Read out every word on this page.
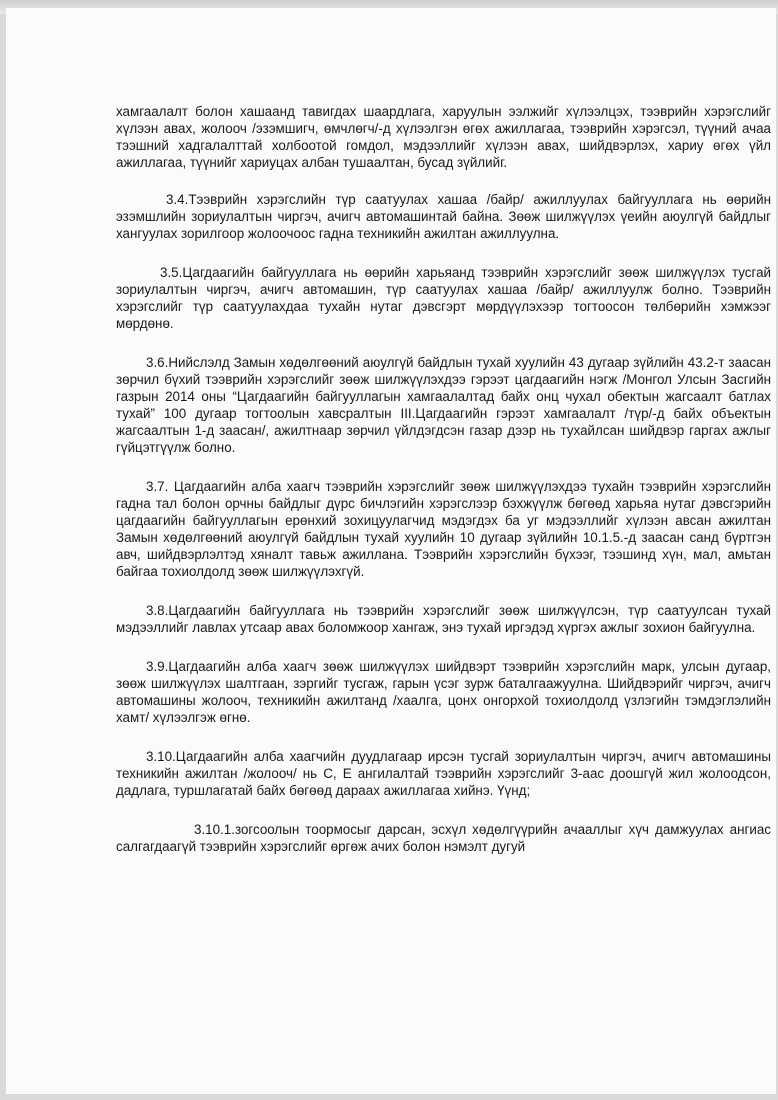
хамгаалалт болон хашаанд тавигдах шаардлага, харуулын ээлжийг хүлээлцэх, тээврийн хэрэгслийг хүлээн авах, жолооч /эзэмшигч, өмчлөгч/-д хүлээлгэн өгөх ажиллагаа, тээврийн хэрэгсэл, түүний ачаа тээшний хадгалалттай холбоотой гомдол, мэдээллийг хүлээн авах, шийдвэрлэх, хариу өгөх үйл ажиллагаа, түүнийг хариуцах албан тушаалтан, бусад зүйлийг.

3.4.Тээврийн хэрэгслийн түр саатуулах хашаа /байр/ ажиллуулах байгууллага нь өөрийн эзэмшлийн зориулалтын чиргэч, ачигч автомашинтай байна. Зөөж шилжүүлэх үеийн аюулгүй байдлыг хангуулах зорилгоор жолоочоос гадна техникийн ажилтан ажиллуулна.

3.5.Цагдаагийн байгууллага нь өөрийн харьяанд тээврийн хэрэгслийг зөөж шилжүүлэх тусгай зориулалтын чиргэч, ачигч автомашин, түр саатуулах хашаа /байр/ ажиллуулж болно. Тээврийн хэрэгслийг түр саатуулахдаа тухайн нутаг дэвсгэрт мөрдүүлэхээр тогтоосон төлбөрийн хэмжээг мөрдөнө.

3.6.Нийслэлд Замын хөдөлгөөний аюулгүй байдлын тухай хуулийн 43 дугаар зүйлийн 43.2-т заасан зөрчил бүхий тээврийн хэрэгслийг зөөж шилжүүлэхдээ гэрээт цагдаагийн нэгж /Монгол Улсын Засгийн газрын 2014 оны “Цагдаагийн байгууллагын хамгаалалтад байх онц чухал обектын жагсаалт батлах тухай” 100 дугаар тогтоолын хавсралтын III.Цагдаагийн гэрээт хамгаалалт /түр/-д байх объектын жагсаалтын 1-д заасан/, ажилтнаар зөрчил үйлдэгдсэн газар дээр нь тухайлсан шийдвэр гаргах ажлыг гүйцэтгүүлж болно.

3.7. Цагдаагийн алба хаагч тээврийн хэрэгслийг зөөж шилжүүлэхдээ тухайн тээврийн хэрэгслийн гадна тал болон орчны байдлыг дүрс бичлэгийн хэрэгслээр бэхжүүлж бөгөөд харьяа нутаг дэвсгэрийн цагдаагийн байгууллагын ерөнхий зохицуулагчид мэдэгдэх ба уг мэдээллийг хүлээн авсан ажилтан Замын хөдөлгөөний аюулгүй байдлын тухай хуулийн 10 дугаар зүйлийн 10.1.5.-д заасан санд бүртгэн авч, шийдвэрлэлтэд хяналт тавьж ажиллана. Тээврийн хэрэгслийн бүхээг, тээшинд хүн, мал, амьтан байгаа тохиолдолд зөөж шилжүүлэхгүй.

3.8.Цагдаагийн байгууллага нь тээврийн хэрэгслийг зөөж шилжүүлсэн, түр саатуулсан тухай мэдээллийг лавлах утсаар авах боломжоор хангаж, энэ тухай иргэдэд хүргэх ажлыг зохион байгуулна.

3.9.Цагдаагийн алба хаагч зөөж шилжүүлэх шийдвэрт тээврийн хэрэгслийн марк, улсын дугаар, зөөж шилжүүлэх шалтгаан, зэргийг тусгаж, гарын үсэг зурж баталгаажуулна. Шийдвэрийг чиргэч, ачигч автомашины жолооч, техникийн ажилтанд /хаалга, цонх онгорхой тохиолдолд үзлэгийн тэмдэглэлийн хамт/ хүлээлгэж өгнө.

3.10.Цагдаагийн алба хаагчийн дуудлагаар ирсэн тусгай зориулалтын чиргэч, ачигч автомашины техникийн ажилтан /жолооч/ нь С, Е ангилалтай тээврийн хэрэгслийг 3-аас доошгүй жил жолоодсон, дадлага, туршлагатай байх бөгөөд дараах ажиллагаа хийнэ. Үүнд;

3.10.1.зогсоолын тоормосыг дарсан, эсхүл хөдөлгүүрийн ачааллыг хүч дамжуулах ангиас салгагдаагүй тээврийн хэрэгслийг өргөж ачих болон нэмэлт дугуй
